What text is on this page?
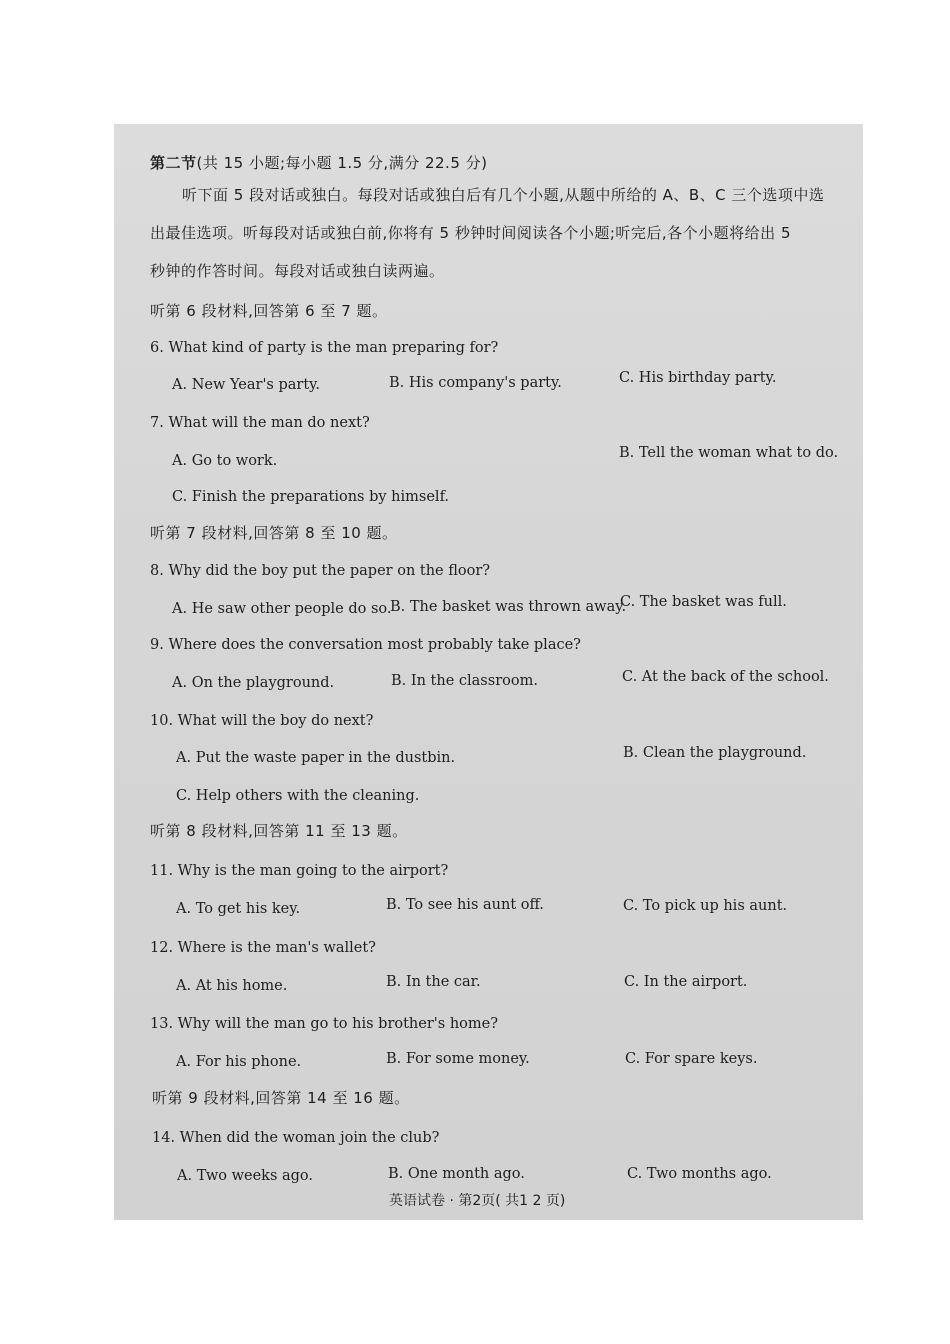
第二节(共 15 小题;每小题 1.5 分,满分 22.5 分)
听下面 5 段对话或独白。每段对话或独白后有几个小题,从题中所给的 A、B、C 三个选项中选
出最佳选项。听每段对话或独白前,你将有 5 秒钟时间阅读各个小题;听完后,各个小题将给出 5
秒钟的作答时间。每段对话或独白读两遍。
听第 6 段材料,回答第 6 至 7 题。
6. What kind of party is the man preparing for?
A. New Year's party.	B. His company's party.	C. His birthday party.
7. What will the man do next?
A. Go to work.	B. Tell the woman what to do.
C. Finish the preparations by himself.
听第 7 段材料,回答第 8 至 10 题。
8. Why did the boy put the paper on the floor?
A. He saw other people do so.
B. The basket was thrown away.
C. The basket was full.
9. Where does the conversation most probably take place?
A. On the playground.	B. In the classroom.	C. At the back of the school.
10. What will the boy do next?
A. Put the waste paper in the dustbin.	B. Clean the playground.
C. Help others with the cleaning.
听第 8 段材料,回答第 11 至 13 题。
11. Why is the man going to the airport?
A. To get his key.	B. To see his aunt off.	C. To pick up his aunt.
12. Where is the man's wallet?
A. At his home.	B. In the car.	C. In the airport.
13. Why will the man go to his brother's home?
A. For his phone.	B. For some money.	C. For spare keys.
听第 9 段材料,回答第 14 至 16 题。
14. When did the woman join the club?
A. Two weeks ago.	B. One month ago.	C. Two months ago.
英语试卷 · 第2页( 共1 2 页)
